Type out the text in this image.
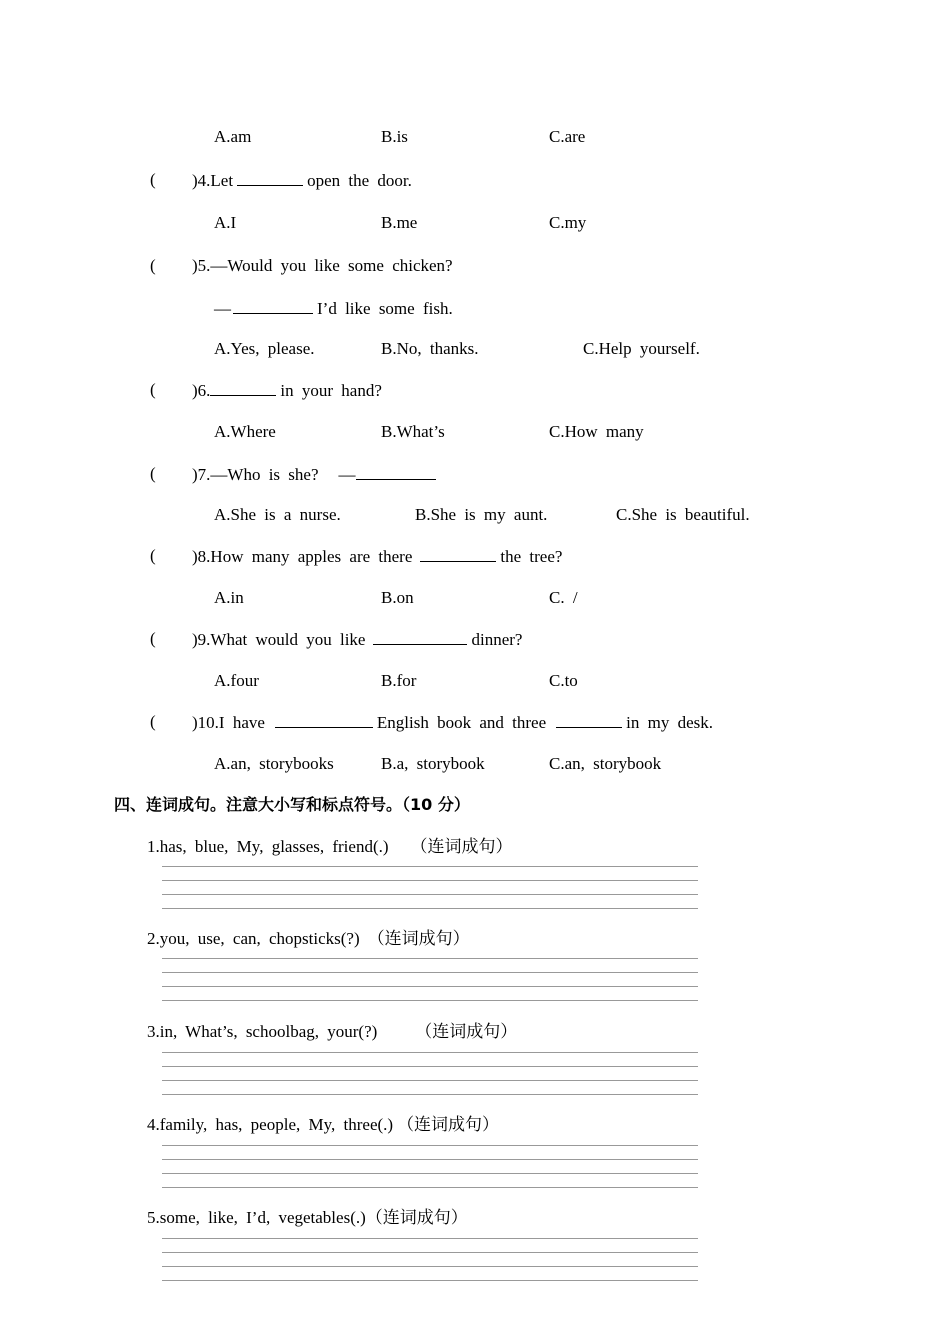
A.am	B.is	C.are
( )4.Let	open the door.
A.I	B.me	C.my
( )5.—Would you like some chicken?
—	I’d like some fish.
A.Yes, please.	B.No, thanks.	C.Help yourself.
( )6.	in your hand?
A.Where	B.What’s	C.How many
( )7.—Who is she? —
A.She is a nurse.	B.She is my aunt.	C.She is beautiful.
( )8.How many apples are there	the tree?
A.in	B.on	C. /
( )9.What would you like	dinner?
A.four	B.for	C.to
( )10.I have	English book and three	in my desk.
A.an, storybooks	B.a, storybook	C.an, storybook
四、连词成句。注意大小写和标点符号。（10 分）
1.has, blue, My, glasses, friend(.) （连词成句）
2.you, use, can, chopsticks(?) （连词成句）
3.in, What’s, schoolbag, your(?) （连词成句）
4.family, has, people, My, three(.) （连词成句）
5.some, like, I’d, vegetables(.)（连词成句）
